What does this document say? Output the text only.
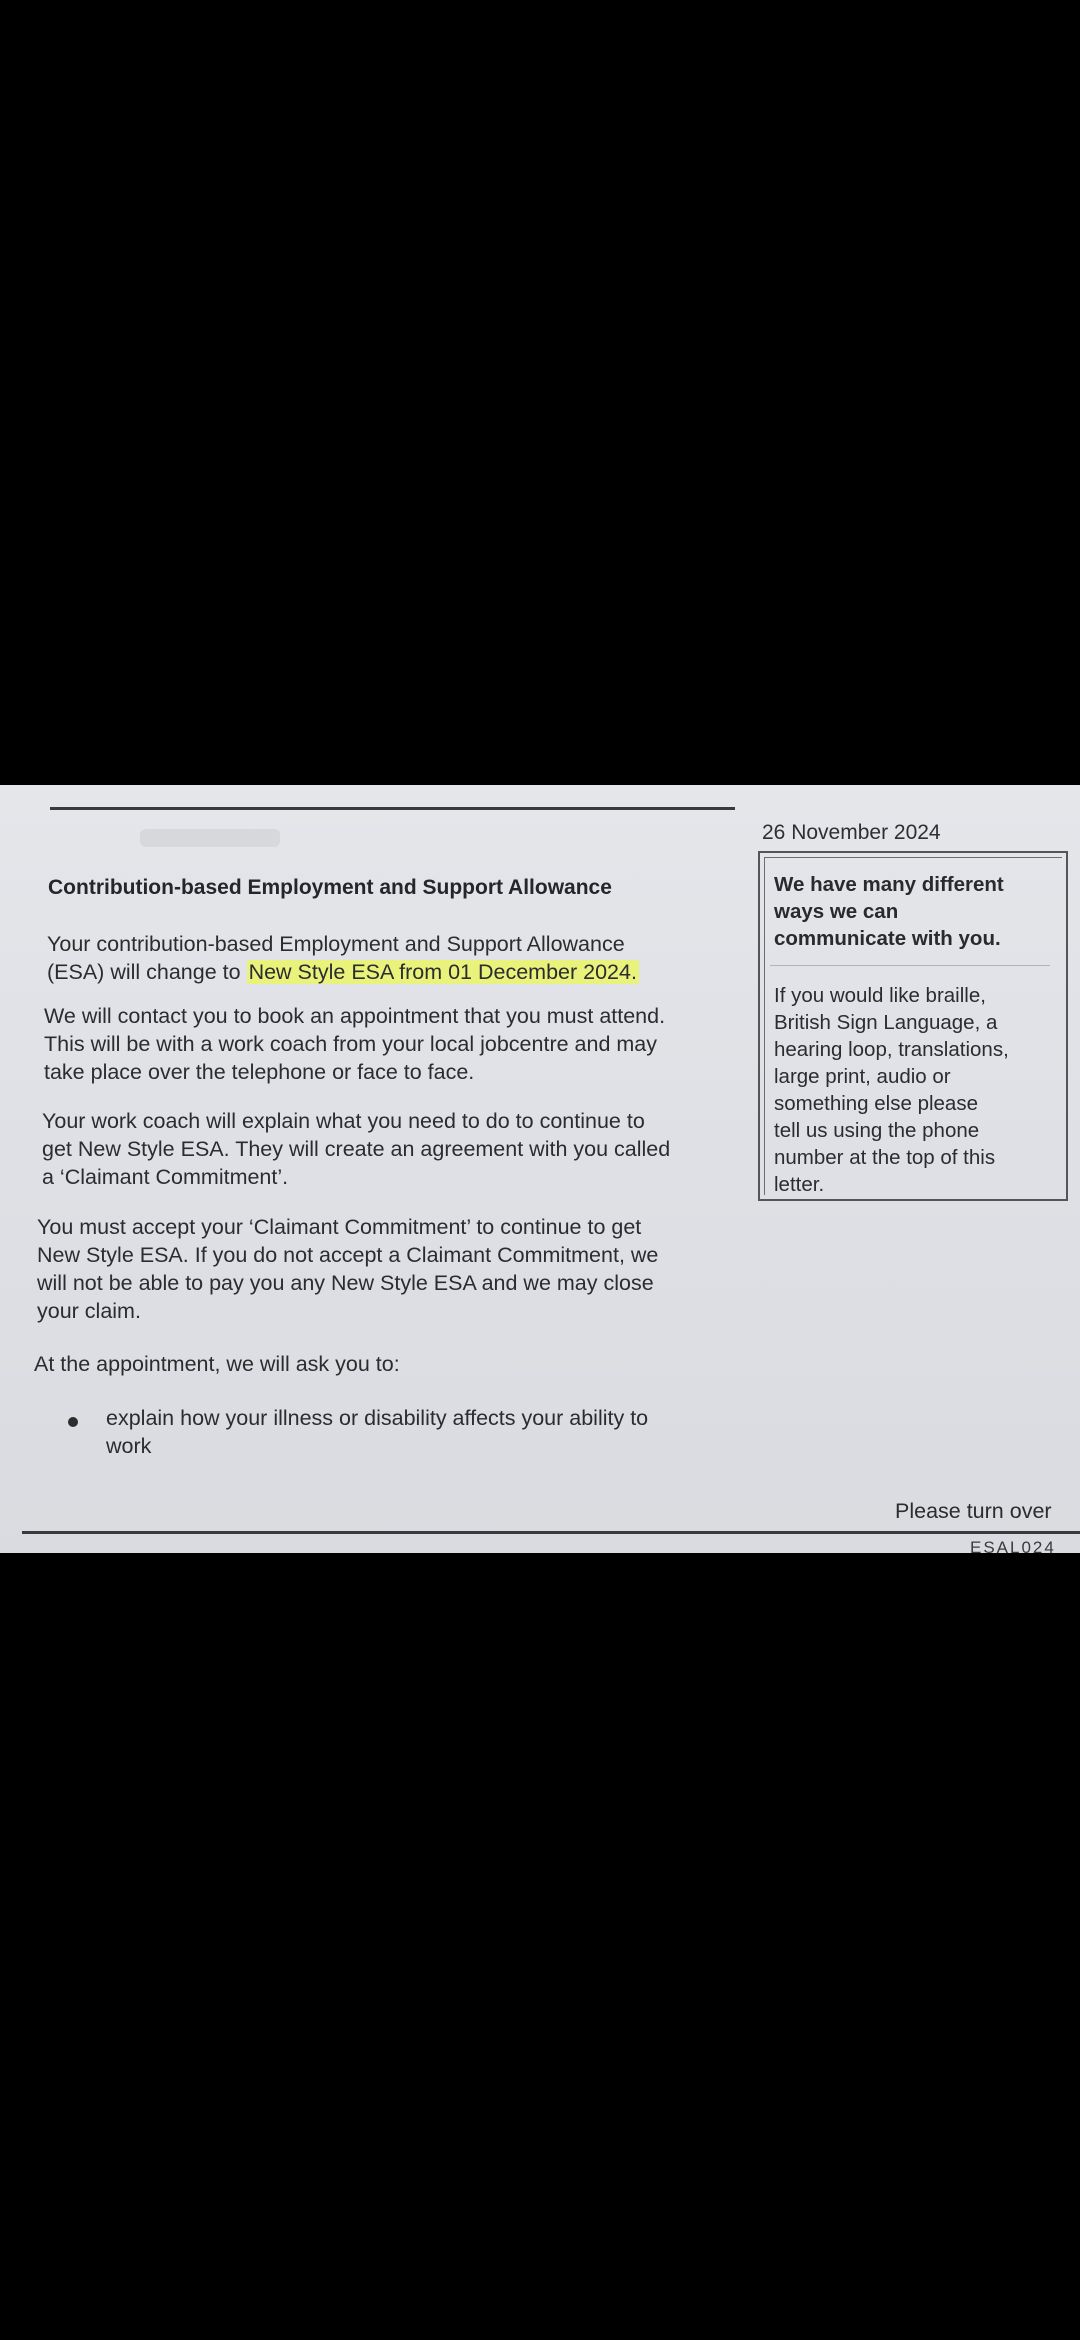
26 November 2024
Contribution-based Employment and Support Allowance
Your contribution-based Employment and Support Allowance
(ESA) will change to New Style ESA from 01 December 2024.
We will contact you to book an appointment that you must attend.
This will be with a work coach from your local jobcentre and may
take place over the telephone or face to face.
Your work coach will explain what you need to do to continue to
get New Style ESA. They will create an agreement with you called
a ‘Claimant Commitment’.
You must accept your ‘Claimant Commitment’ to continue to get
New Style ESA. If you do not accept a Claimant Commitment, we
will not be able to pay you any New Style ESA and we may close
your claim.
At the appointment, we will ask you to:
explain how your illness or disability affects your ability to
work
We have many different
ways we can
communicate with you.
If you would like braille,
British Sign Language, a
hearing loop, translations,
large print, audio or
something else please
tell us using the phone
number at the top of this
letter.
Please turn over
ESAL024
